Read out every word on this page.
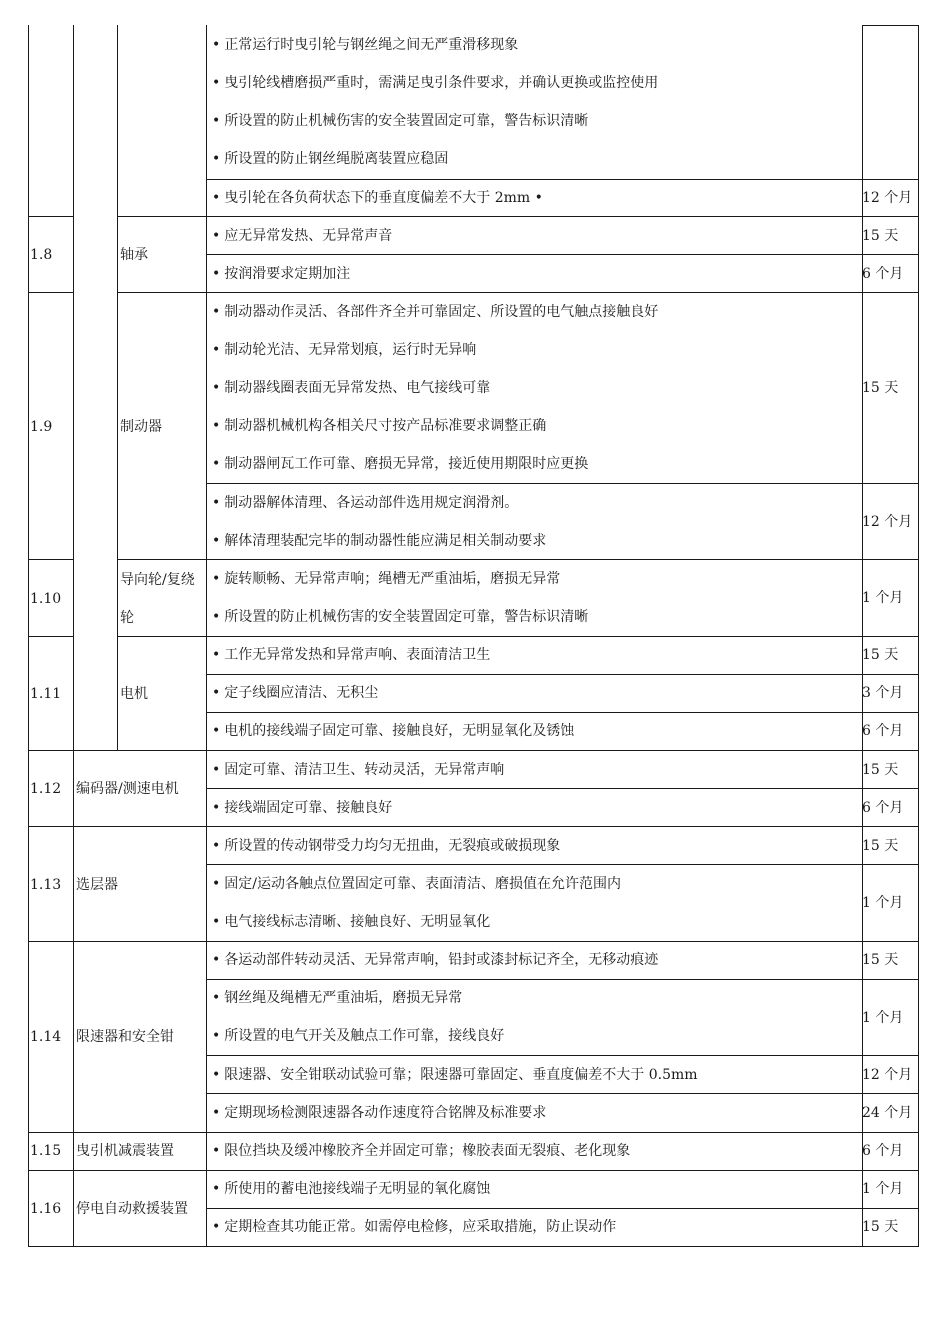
1.8
1.9
1.10
1.11
1.12
1.13
1.14
1.15
1.16
轴承
制动器
导向轮/复绕
轮
电机
编码器/测速电机
选层器
限速器和安全钳
曳引机减震装置
停电自动救援装置
• 正常运行时曳引轮与钢丝绳之间无严重滑移现象
• 曳引轮线槽磨损严重时，需满足曳引条件要求，并确认更换或监控使用
• 所设置的防止机械伤害的安全装置固定可靠，警告标识清晰
• 所设置的防止钢丝绳脱离装置应稳固
• 曳引轮在各负荷状态下的垂直度偏差不大于 2mm •
• 应无异常发热、无异常声音
• 按润滑要求定期加注
• 制动器动作灵活、各部件齐全并可靠固定、所设置的电气触点接触良好
• 制动轮光洁、无异常划痕，运行时无异响
• 制动器线圈表面无异常发热、电气接线可靠
• 制动器机械机构各相关尺寸按产品标准要求调整正确
• 制动器闸瓦工作可靠、磨损无异常，接近使用期限时应更换
• 制动器解体清理、各运动部件选用规定润滑剂。
• 解体清理装配完毕的制动器性能应满足相关制动要求
• 旋转顺畅、无异常声响；绳槽无严重油垢，磨损无异常
• 所设置的防止机械伤害的安全装置固定可靠，警告标识清晰
• 工作无异常发热和异常声响、表面清洁卫生
• 定子线圈应清洁、无积尘
• 电机的接线端子固定可靠、接触良好，无明显氧化及锈蚀
• 固定可靠、清洁卫生、转动灵活，无异常声响
• 接线端固定可靠、接触良好
• 所设置的传动钢带受力均匀无扭曲，无裂痕或破损现象
• 固定/运动各触点位置固定可靠、表面清洁、磨损值在允许范围内
• 电气接线标志清晰、接触良好、无明显氧化
• 各运动部件转动灵活、无异常声响，铅封或漆封标记齐全，无移动痕迹
• 钢丝绳及绳槽无严重油垢，磨损无异常
• 所设置的电气开关及触点工作可靠，接线良好
• 限速器、安全钳联动试验可靠；限速器可靠固定、垂直度偏差不大于 0.5mm
• 定期现场检测限速器各动作速度符合铭牌及标准要求
• 限位挡块及缓冲橡胶齐全并固定可靠；橡胶表面无裂痕、老化现象
• 所使用的蓄电池接线端子无明显的氧化腐蚀
• 定期检查其功能正常。如需停电检修，应采取措施，防止误动作
12 个月
15 天
6 个月
15 天
12 个月
1 个月
15 天
3 个月
6 个月
15 天
6 个月
15 天
1 个月
15 天
1 个月
12 个月
24 个月
6 个月
1 个月
15 天
